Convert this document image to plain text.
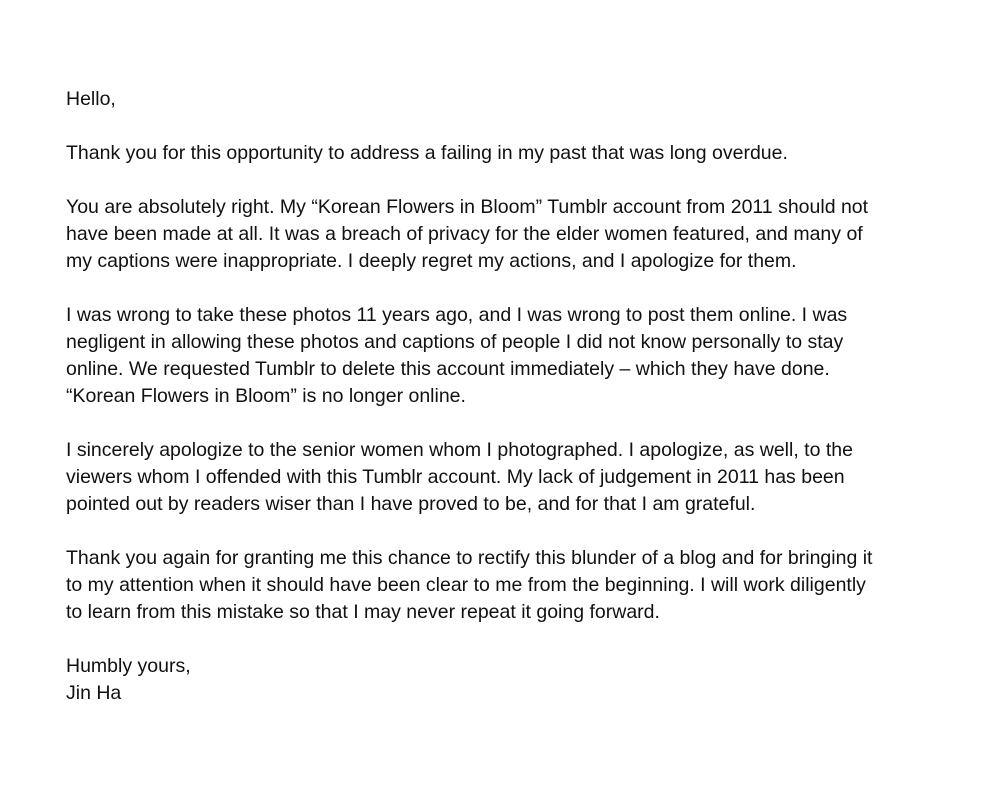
Hello,

Thank you for this opportunity to address a failing in my past that was long overdue.

You are absolutely right. My “Korean Flowers in Bloom” Tumblr account from 2011 should not
have been made at all. It was a breach of privacy for the elder women featured, and many of
my captions were inappropriate. I deeply regret my actions, and I apologize for them.

I was wrong to take these photos 11 years ago, and I was wrong to post them online. I was
negligent in allowing these photos and captions of people I did not know personally to stay
online. We requested Tumblr to delete this account immediately – which they have done.
“Korean Flowers in Bloom” is no longer online.

I sincerely apologize to the senior women whom I photographed. I apologize, as well, to the
viewers whom I offended with this Tumblr account. My lack of judgement in 2011 has been
pointed out by readers wiser than I have proved to be, and for that I am grateful.

Thank you again for granting me this chance to rectify this blunder of a blog and for bringing it
to my attention when it should have been clear to me from the beginning. I will work diligently
to learn from this mistake so that I may never repeat it going forward.

Humbly yours,
Jin Ha
